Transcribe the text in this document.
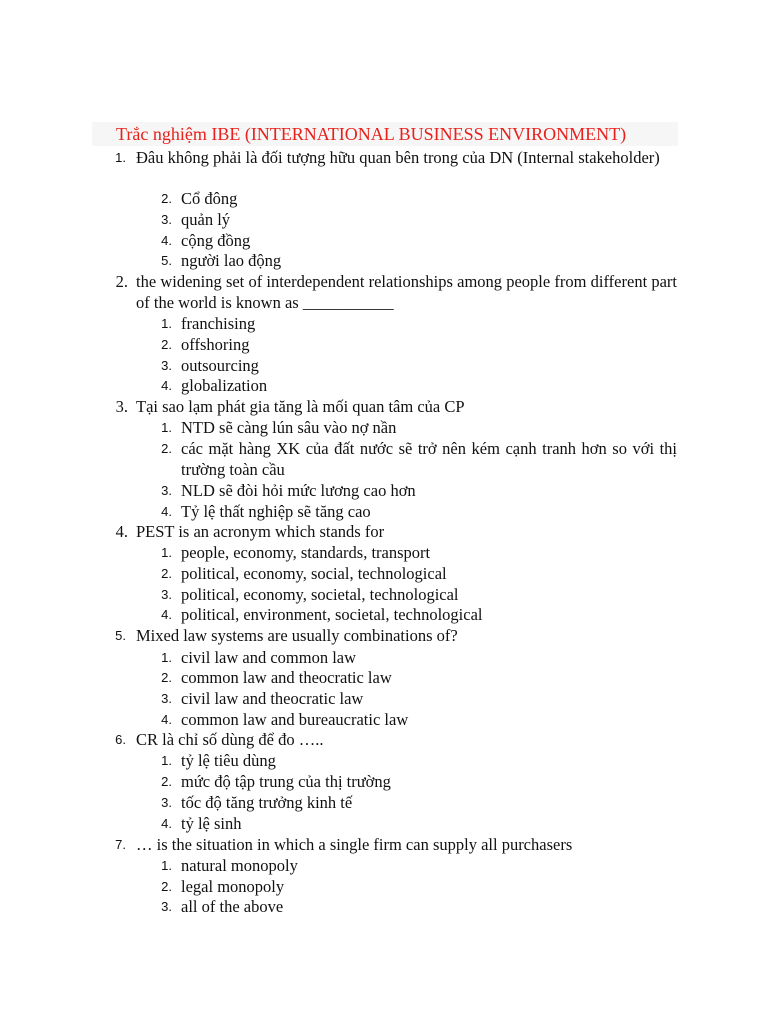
Trắc nghiệm IBE (INTERNATIONAL BUSINESS ENVIRONMENT)
1. Đâu không phải là đối tượng hữu quan bên trong của DN (Internal stakeholder)
2. Cổ đông
3. quản lý
4. cộng đồng
5. người lao động
2. the widening set of interdependent relationships among people from different part of the world is known as ___________
1. franchising
2. offshoring
3. outsourcing
4. globalization
3. Tại sao lạm phát gia tăng là mối quan tâm của CP
1. NTD sẽ càng lún sâu vào nợ nần
2. các mặt hàng XK của đất nước sẽ trở nên kém cạnh tranh hơn so với thị trường toàn cầu
3. NLD sẽ đòi hỏi mức lương cao hơn
4. Tỷ lệ thất nghiệp sẽ tăng cao
4. PEST is an acronym which stands for
1. people, economy, standards, transport
2. political, economy, social, technological
3. political, economy, societal, technological
4. political, environment, societal, technological
5. Mixed law systems are usually combinations of?
1. civil law and common law
2. common law and theocratic law
3. civil law and theocratic law
4. common law and bureaucratic law
6. CR là chỉ số dùng để đo …..
1. tỷ lệ tiêu dùng
2. mức độ tập trung của thị trường
3. tốc độ tăng trưởng kinh tế
4. tỷ lệ sinh
7. … is the situation in which a single firm can supply all purchasers
1. natural monopoly
2. legal monopoly
3. all of the above
